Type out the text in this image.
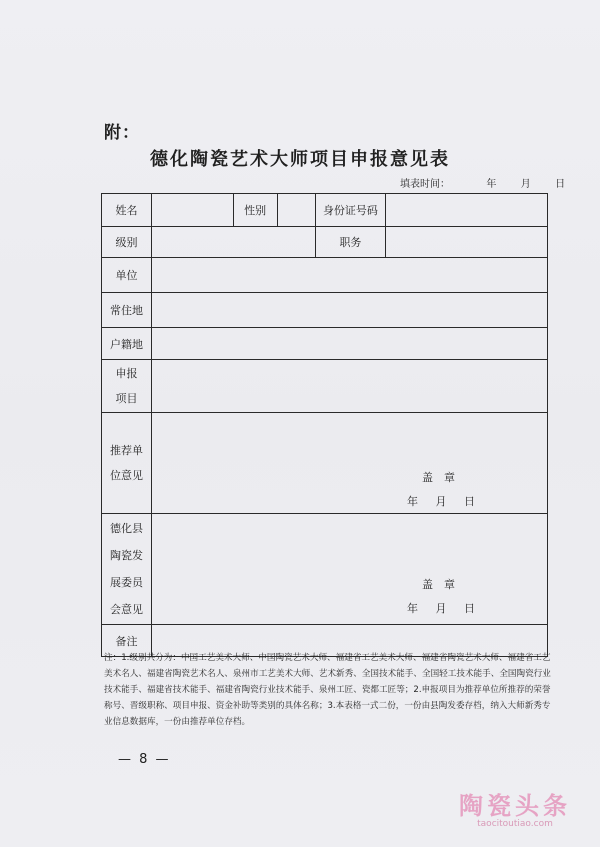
附：
德化陶瓷艺术大师项目申报意见表
填表时间：	年 月 日
姓名		性别		身份证号码	
级别				职务	
单位					
常住地					
户籍地					

申报
项目					

推荐单
位意见	盖　章
年 月 日				

德化县
陶瓷发
展委员
会意见	盖　章
年 月 日				

备注					
注：1.级别共分为：中国工艺美术大师、中国陶瓷艺术大师、福建省工艺美术大师、福建省陶瓷艺术大师、福建省工艺美术名人、福建省陶瓷艺术名人、泉州市工艺美术大师、艺术新秀、全国技术能手、全国轻工技术能手、全国陶瓷行业技术能手、福建省技术能手、福建省陶瓷行业技术能手、泉州工匠、瓷都工匠等；2.申报项目为推荐单位所推荐的荣誉称号、晋级职称、项目申报、资金补助等类别的具体名称；3.本表格一式二份，一份由县陶发委存档，纳入大师新秀专业信息数据库，一份由推荐单位存档。
— 8 —
陶瓷头条
taocitoutiao.com
